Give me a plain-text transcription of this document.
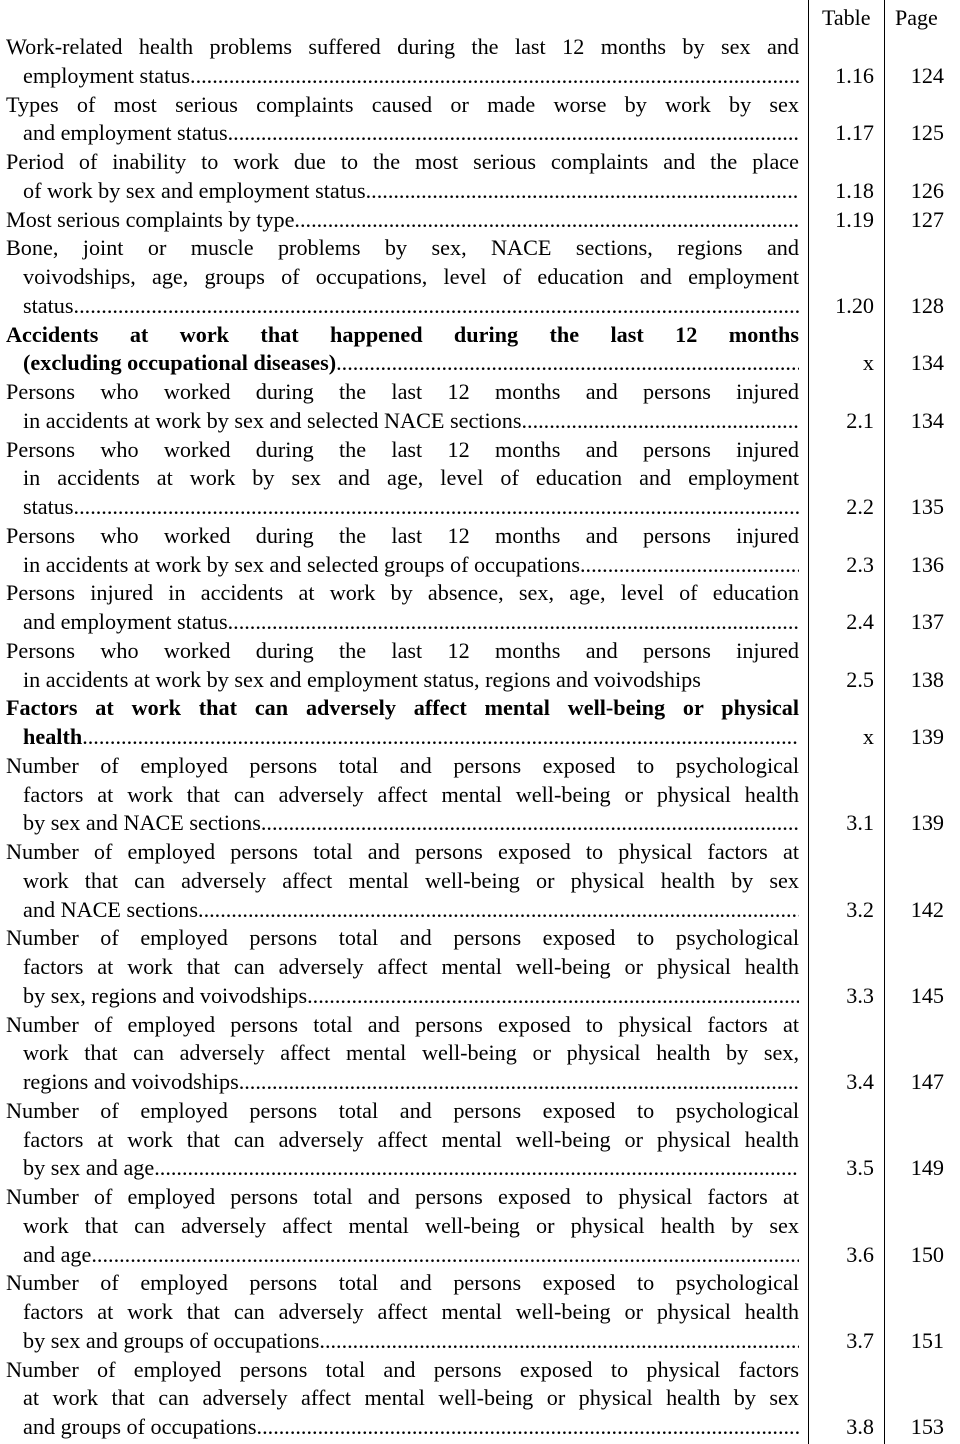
Table Page
Work-related health problems suffered during the last 12 months by sex and
employment status .....	1.16 124
Types of most serious complaints caused or made worse by work by sex
and employment status .....	1.17 125
Period of inability to work due to the most serious complaints and the place
of work by sex and employment status .....	1.18 126
Most serious complaints by type .....	1.19 127
Bone, joint or muscle problems by sex, NACE sections, regions and
voivodships, age, groups of occupations, level of education and employment
status .....	1.20 128
Accidents at work that happened during the last 12 months
(excluding occupational diseases) .....	x 134
Persons who worked during the last 12 months and persons injured
in accidents at work by sex and selected NACE sections .....	2.1 134
Persons who worked during the last 12 months and persons injured
in accidents at work by sex and age, level of education and employment
status .....	2.2 135
Persons who worked during the last 12 months and persons injured
in accidents at work by sex and selected groups of occupations .....	2.3 136
Persons injured in accidents at work by absence, sex, age, level of education
and employment status .....	2.4 137
Persons who worked during the last 12 months and persons injured
in accidents at work by sex and employment status, regions and voivodships	2.5 138
Factors at work that can adversely affect mental well-being or physical
health .....	x 139
Number of employed persons total and persons exposed to psychological
factors at work that can adversely affect mental well-being or physical health
by sex and NACE sections .....	3.1 139
Number of employed persons total and persons exposed to physical factors at
work that can adversely affect mental well-being or physical health by sex
and NACE sections .....	3.2 142
Number of employed persons total and persons exposed to psychological
factors at work that can adversely affect mental well-being or physical health
by sex, regions and voivodships .....	3.3 145
Number of employed persons total and persons exposed to physical factors at
work that can adversely affect mental well-being or physical health by sex,
regions and voivodships .....	3.4 147
Number of employed persons total and persons exposed to psychological
factors at work that can adversely affect mental well-being or physical health
by sex and age .....	3.5 149
Number of employed persons total and persons exposed to physical factors at
work that can adversely affect mental well-being or physical health by sex
and age .....	3.6 150
Number of employed persons total and persons exposed to psychological
factors at work that can adversely affect mental well-being or physical health
by sex and groups of occupations .....	3.7 151
Number of employed persons total and persons exposed to physical factors
at work that can adversely affect mental well-being or physical health by sex
and groups of occupations .....	3.8 153
